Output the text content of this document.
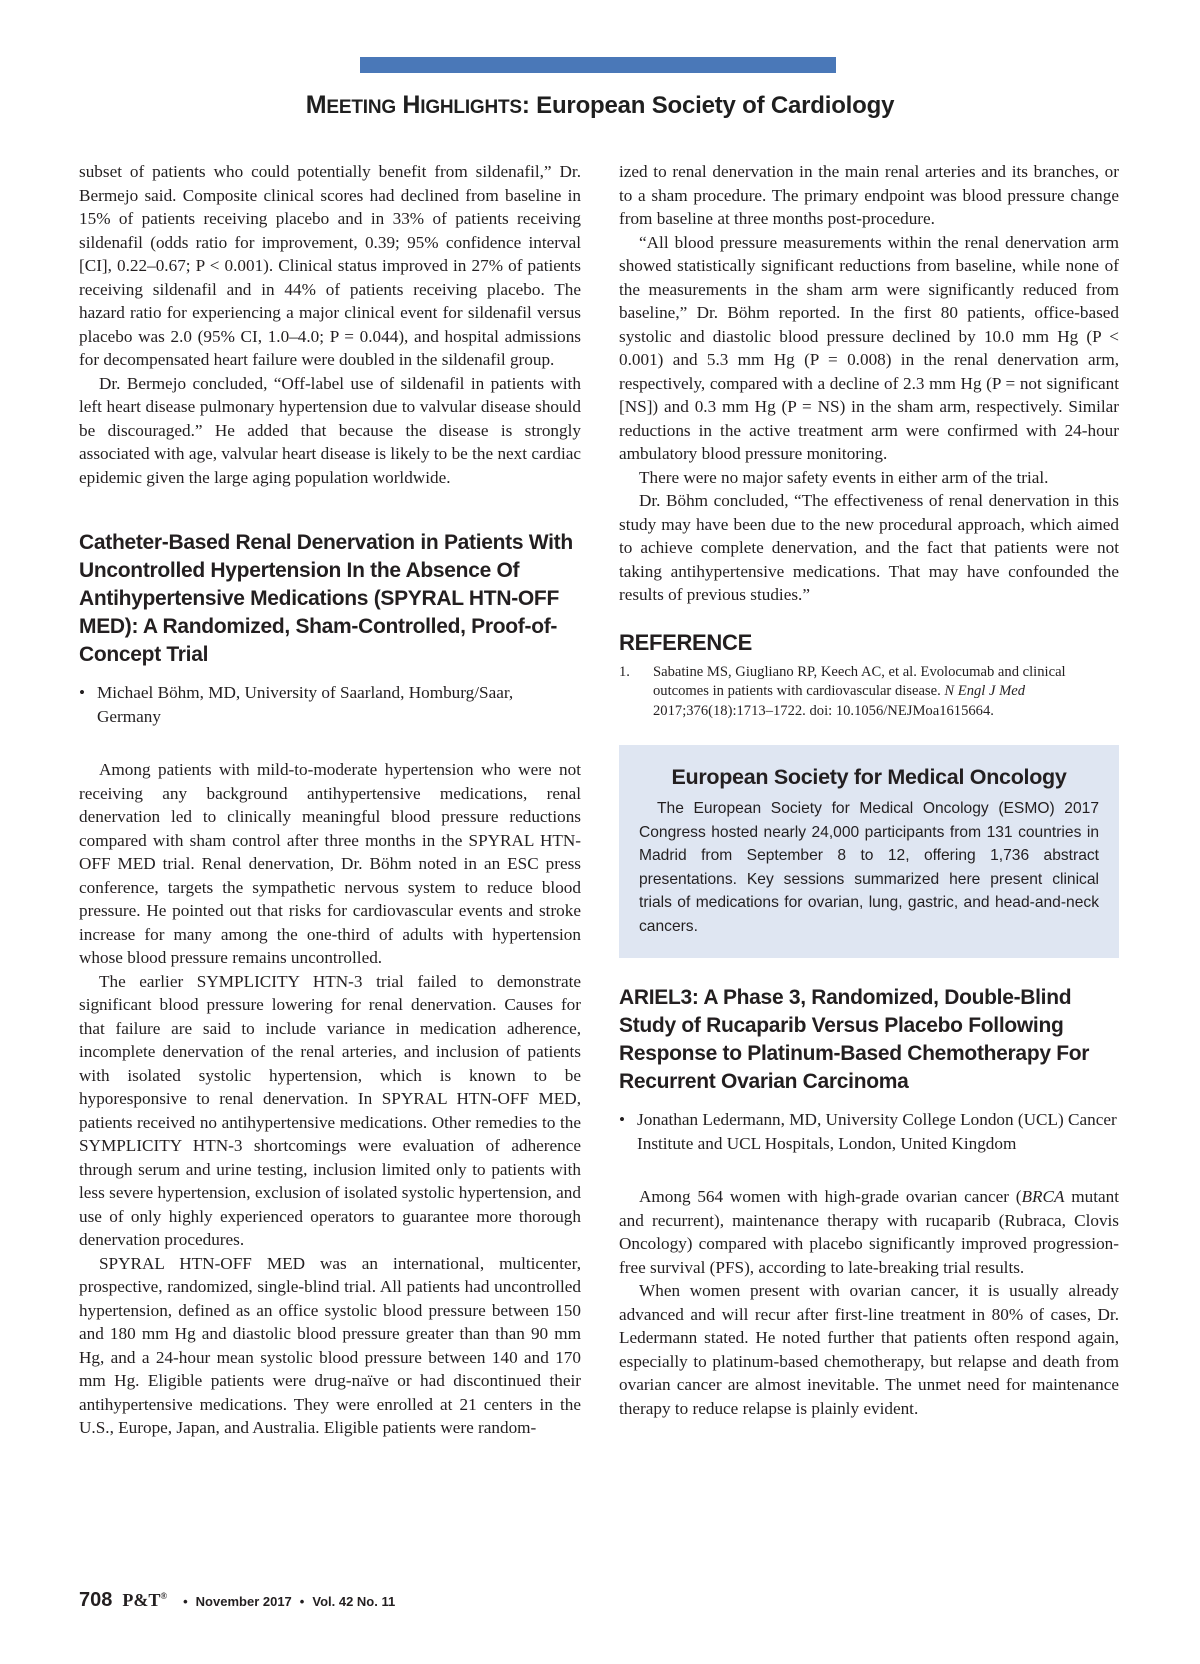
MEETING HIGHLIGHTS: European Society of Cardiology

subset of patients who could potentially benefit from sildenafil,” Dr. Bermejo said. Composite clinical scores had declined from baseline in 15% of patients receiving placebo and in 33% of patients receiving sildenafil (odds ratio for improvement, 0.39; 95% confidence interval [CI], 0.22–0.67; P < 0.001). Clinical status improved in 27% of patients receiving sildenafil and in 44% of patients receiving placebo. The hazard ratio for experiencing a major clinical event for sildenafil versus placebo was 2.0 (95% CI, 1.0–4.0; P = 0.044), and hospital admissions for decompensated heart failure were doubled in the sildenafil group.

Dr. Bermejo concluded, “Off-label use of sildenafil in patients with left heart disease pulmonary hypertension due to valvular disease should be discouraged.” He added that because the disease is strongly associated with age, valvular heart disease is likely to be the next cardiac epidemic given the large aging population worldwide.

Catheter-Based Renal Denervation in Patients With Uncontrolled Hypertension In the Absence Of Antihypertensive Medications (SPYRAL HTN-OFF MED): A Randomized, Sham-Controlled, Proof-of-Concept Trial
• Michael Böhm, MD, University of Saarland, Homburg/Saar, Germany

Among patients with mild-to-moderate hypertension who were not receiving any background antihypertensive medications, renal denervation led to clinically meaningful blood pressure reductions compared with sham control after three months in the SPYRAL HTN-OFF MED trial. Renal denervation, Dr. Böhm noted in an ESC press conference, targets the sympathetic nervous system to reduce blood pressure. He pointed out that risks for cardiovascular events and stroke increase for many among the one-third of adults with hypertension whose blood pressure remains uncontrolled.

The earlier SYMPLICITY HTN-3 trial failed to demonstrate significant blood pressure lowering for renal denervation. Causes for that failure are said to include variance in medication adherence, incomplete denervation of the renal arteries, and inclusion of patients with isolated systolic hypertension, which is known to be hyporesponsive to renal denervation. In SPYRAL HTN-OFF MED, patients received no antihypertensive medications. Other remedies to the SYMPLICITY HTN-3 shortcomings were evaluation of adherence through serum and urine testing, inclusion limited only to patients with less severe hypertension, exclusion of isolated systolic hypertension, and use of only highly experienced operators to guarantee more thorough denervation procedures.

SPYRAL HTN-OFF MED was an international, multicenter, prospective, randomized, single-blind trial. All patients had uncontrolled hypertension, defined as an office systolic blood pressure between 150 and 180 mm Hg and diastolic blood pressure greater than than 90 mm Hg, and a 24-hour mean systolic blood pressure between 140 and 170 mm Hg. Eligible patients were drug-naïve or had discontinued their antihypertensive medications. They were enrolled at 21 centers in the U.S., Europe, Japan, and Australia. Eligible patients were random-

ized to renal denervation in the main renal arteries and its branches, or to a sham procedure. The primary endpoint was blood pressure change from baseline at three months post-procedure.

“All blood pressure measurements within the renal denervation arm showed statistically significant reductions from baseline, while none of the measurements in the sham arm were significantly reduced from baseline,” Dr. Böhm reported. In the first 80 patients, office-based systolic and diastolic blood pressure declined by 10.0 mm Hg (P < 0.001) and 5.3 mm Hg (P = 0.008) in the renal denervation arm, respectively, compared with a decline of 2.3 mm Hg (P = not significant [NS]) and 0.3 mm Hg (P = NS) in the sham arm, respectively. Similar reductions in the active treatment arm were confirmed with 24-hour ambulatory blood pressure monitoring.

There were no major safety events in either arm of the trial.

Dr. Böhm concluded, “The effectiveness of renal denervation in this study may have been due to the new procedural approach, which aimed to achieve complete denervation, and the fact that patients were not taking antihypertensive medications. That may have confounded the results of previous studies.”

REFERENCE
1.	Sabatine MS, Giugliano RP, Keech AC, et al. Evolocumab and clinical outcomes in patients with cardiovascular disease. N Engl J Med 2017;376(18):1713–1722. doi: 10.1056/NEJMoa1615664.
European Society for Medical Oncology
The European Society for Medical Oncology (ESMO) 2017 Congress hosted nearly 24,000 participants from 131 countries in Madrid from September 8 to 12, offering 1,736 abstract presentations. Key sessions summarized here present clinical trials of medications for ovarian, lung, gastric, and head-and-neck cancers.
ARIEL3: A Phase 3, Randomized, Double-Blind Study of Rucaparib Versus Placebo Following Response to Platinum-Based Chemotherapy For Recurrent Ovarian Carcinoma
• Jonathan Ledermann, MD, University College London (UCL) Cancer Institute and UCL Hospitals, London, United Kingdom

Among 564 women with high-grade ovarian cancer (BRCA mutant and recurrent), maintenance therapy with rucaparib (Rubraca, Clovis Oncology) compared with placebo significantly improved progression-free survival (PFS), according to late-breaking trial results.

When women present with ovarian cancer, it is usually already advanced and will recur after first-line treatment in 80% of cases, Dr. Ledermann stated. He noted further that patients often respond again, especially to platinum-based chemotherapy, but relapse and death from ovarian cancer are almost inevitable. The unmet need for maintenance therapy to reduce relapse is plainly evident.

708 P&T® • November 2017 • Vol. 42 No. 11
